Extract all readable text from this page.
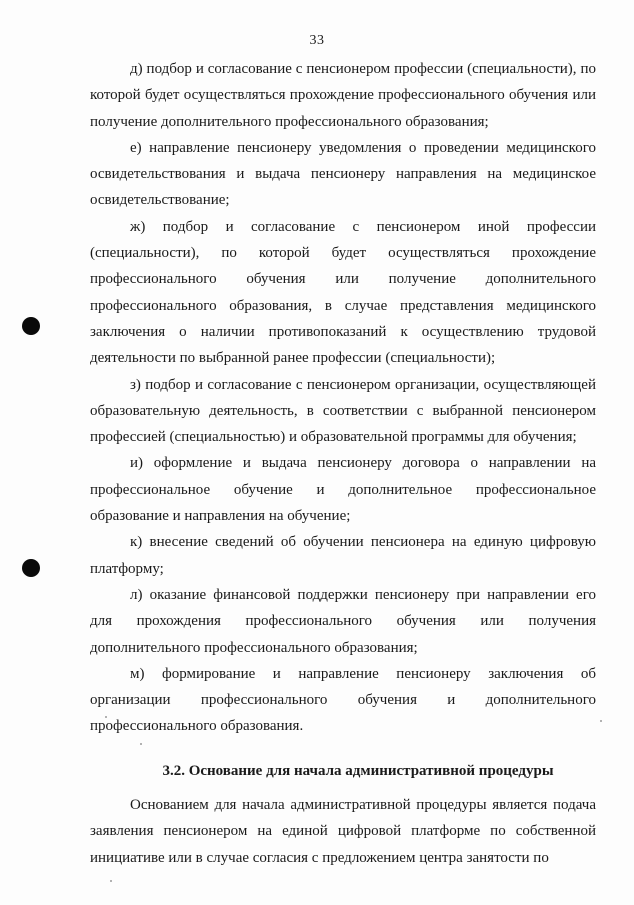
33

д) подбор и согласование с пенсионером профессии (специальности), по которой будет осуществляться прохождение профессионального обучения или получение дополнительного профессионального образования;

е) направление пенсионеру уведомления о проведении медицинского освидетельствования и выдача пенсионеру направления на медицинское освидетельствование;

ж) подбор и согласование с пенсионером иной профессии (специальности), по которой будет осуществляться прохождение профессионального обучения или получение дополнительного профессионального образования, в случае представления медицинского заключения о наличии противопоказаний к осуществлению трудовой деятельности по выбранной ранее профессии (специальности);

з) подбор и согласование с пенсионером организации, осуществляющей образовательную деятельность, в соответствии с выбранной пенсионером профессией (специальностью) и образовательной программы для обучения;

и) оформление и выдача пенсионеру договора о направлении на профессиональное обучение и дополнительное профессиональное образование и направления на обучение;

к) внесение сведений об обучении пенсионера на единую цифровую платформу;

л) оказание финансовой поддержки пенсионеру при направлении его для прохождения профессионального обучения или получения дополнительного профессионального образования;

м) формирование и направление пенсионеру заключения об организации профессионального обучения и дополнительного профессионального образования.

3.2. Основание для начала административной процедуры

Основанием для начала административной процедуры является подача заявления пенсионером на единой цифровой платформе по собственной инициативе или в случае согласия с предложением центра занятости по
